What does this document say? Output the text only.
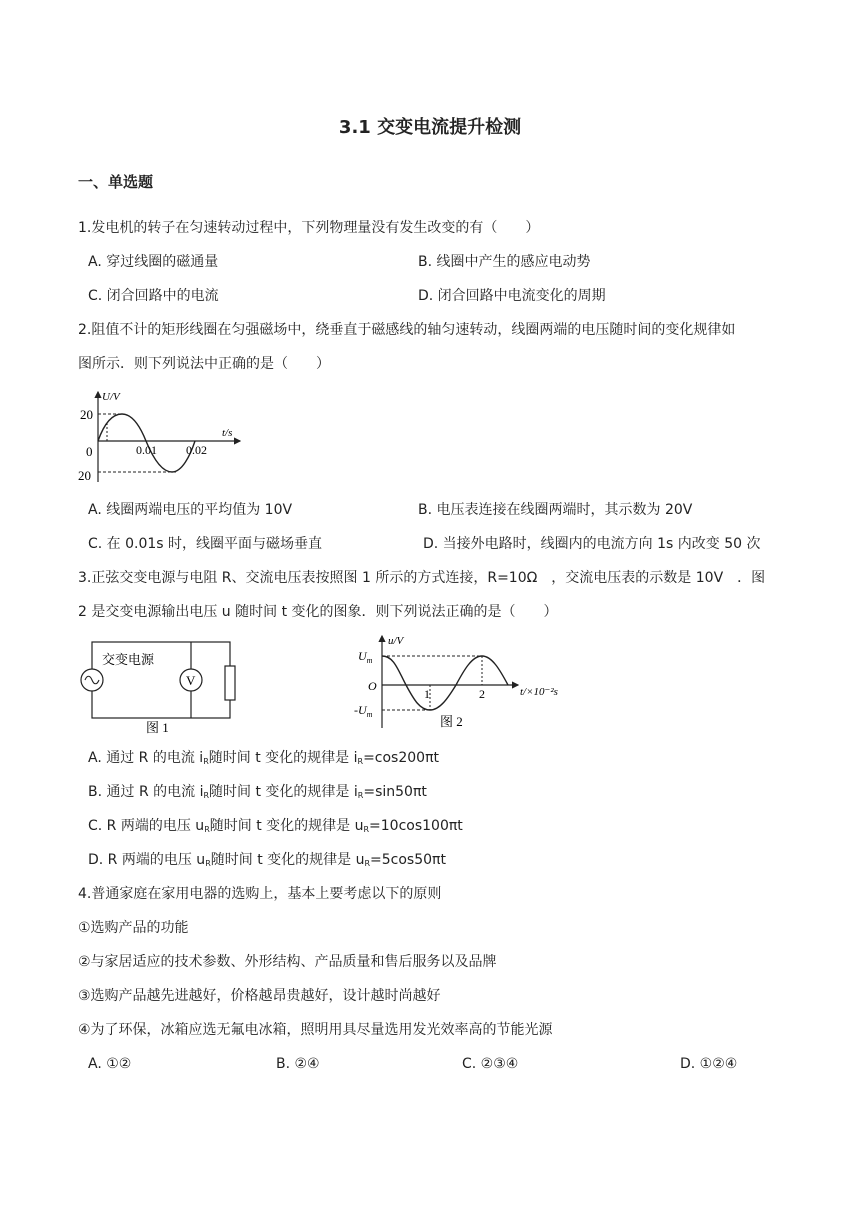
3.1 交变电流提升检测
一、单选题
1.发电机的转子在匀速转动过程中，下列物理量没有发生改变的有（　　）
A. 穿过线圈的磁通量	B. 线圈中产生的感应电动势
C. 闭合回路中的电流	D. 闭合回路中电流变化的周期
2.阻值不计的矩形线圈在匀强磁场中，绕垂直于磁感线的轴匀速转动，线圈两端的电压随时间的变化规律如
图所示．则下列说法中正确的是（　　）
U/V
t/s
20
0
20
0.01 0.02
A. 线圈两端电压的平均值为 10V	B. 电压表连接在线圈两端时，其示数为 20V
C. 在 0.01s 时，线圈平面与磁场垂直	D. 当接外电路时，线圈内的电流方向 1s 内改变 50 次
3.正弦交变电源与电阻 R、交流电压表按照图 1 所示的方式连接，R=10Ω　，交流电压表的示数是 10V　．图
2 是交变电源输出电压 u 随时间 t 变化的图象．则下列说法正确的是（　　）
V
交变电源
图 1
u/V
$U_m$
O
$-U_m$
1	2	t/×10⁻²s
图 2
A. 通过 R 的电流 $i_R$随时间 t 变化的规律是 $i_R=\cos 200\pi t$
B. 通过 R 的电流 $i_R$随时间 t 变化的规律是 $i_R=\sin 50\pi t$
C. R 两端的电压 $u_R$随时间 t 变化的规律是 $u_R=10\cos 100\pi t$
D. R 两端的电压 $u_R$随时间 t 变化的规律是 $u_R=5\cos 50\pi t$
4.普通家庭在家用电器的选购上，基本上要考虑以下的原则
①选购产品的功能
②与家居适应的技术参数、外形结构、产品质量和售后服务以及品牌
③选购产品越先进越好，价格越昂贵越好，设计越时尚越好
④为了环保，冰箱应选无氟电冰箱，照明用具尽量选用发光效率高的节能光源
A. ①②	B. ②④	C. ②③④	D. ①②④
